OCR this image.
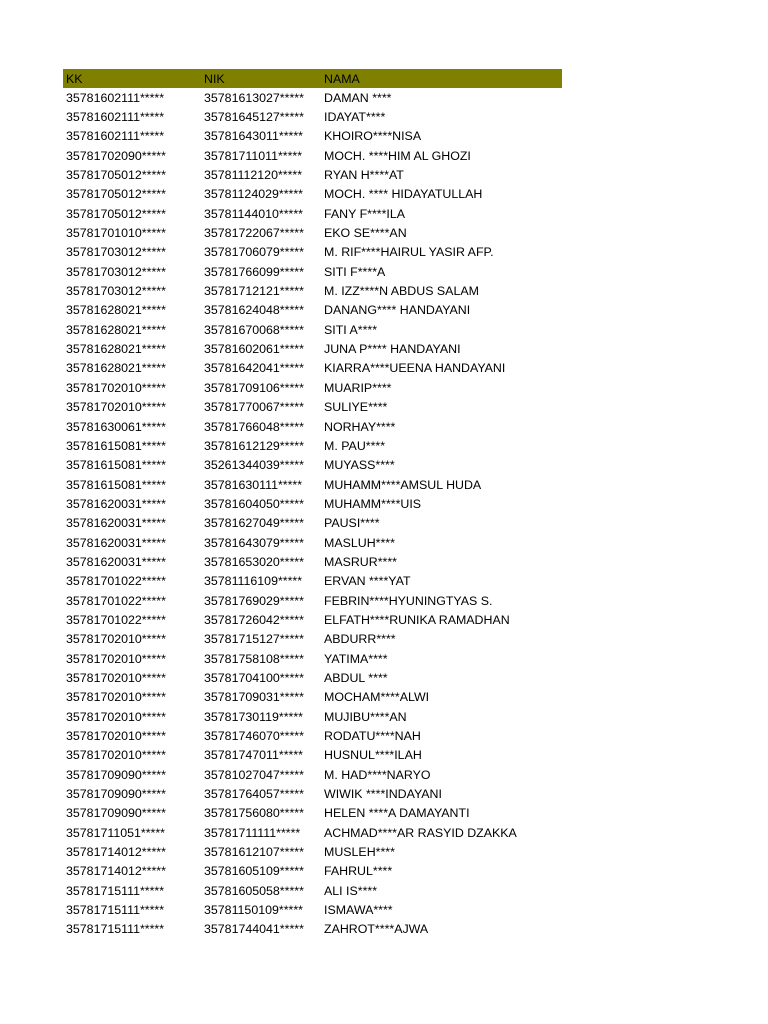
KK	NIK	NAMA
35781602111*****	35781613027*****	DAMAN ****
35781602111*****	35781645127*****	IDAYAT****
35781602111*****	35781643011*****	KHOIRO****NISA
35781702090*****	35781711011*****	MOCH. ****HIM AL GHOZI
35781705012*****	35781112120*****	RYAN H****AT
35781705012*****	35781124029*****	MOCH. **** HIDAYATULLAH
35781705012*****	35781144010*****	FANY F****ILA
35781701010*****	35781722067*****	EKO SE****AN
35781703012*****	35781706079*****	M. RIF****HAIRUL YASIR AFP.
35781703012*****	35781766099*****	SITI F****A
35781703012*****	35781712121*****	M. IZZ****N ABDUS SALAM
35781628021*****	35781624048*****	DANANG**** HANDAYANI
35781628021*****	35781670068*****	SITI A****
35781628021*****	35781602061*****	JUNA P**** HANDAYANI
35781628021*****	35781642041*****	KIARRA****UEENA HANDAYANI
35781702010*****	35781709106*****	MUARIP****
35781702010*****	35781770067*****	SULIYE****
35781630061*****	35781766048*****	NORHAY****
35781615081*****	35781612129*****	M. PAU****
35781615081*****	35261344039*****	MUYASS****
35781615081*****	35781630111*****	MUHAMM****AMSUL HUDA
35781620031*****	35781604050*****	MUHAMM****UIS
35781620031*****	35781627049*****	PAUSI****
35781620031*****	35781643079*****	MASLUH****
35781620031*****	35781653020*****	MASRUR****
35781701022*****	35781116109*****	ERVAN ****YAT
35781701022*****	35781769029*****	FEBRIN****HYUNINGTYAS S.
35781701022*****	35781726042*****	ELFATH****RUNIKA RAMADHAN
35781702010*****	35781715127*****	ABDURR****
35781702010*****	35781758108*****	YATIMA****
35781702010*****	35781704100*****	ABDUL ****
35781702010*****	35781709031*****	MOCHAM****ALWI
35781702010*****	35781730119*****	MUJIBU****AN
35781702010*****	35781746070*****	RODATU****NAH
35781702010*****	35781747011*****	HUSNUL****ILAH
35781709090*****	35781027047*****	M. HAD****NARYO
35781709090*****	35781764057*****	WIWIK ****INDAYANI
35781709090*****	35781756080*****	HELEN ****A DAMAYANTI
35781711051*****	35781711111*****	ACHMAD****AR RASYID DZAKKA
35781714012*****	35781612107*****	MUSLEH****
35781714012*****	35781605109*****	FAHRUL****
35781715111*****	35781605058*****	ALI IS****
35781715111*****	35781150109*****	ISMAWA****
35781715111*****	35781744041*****	ZAHROT****AJWA
